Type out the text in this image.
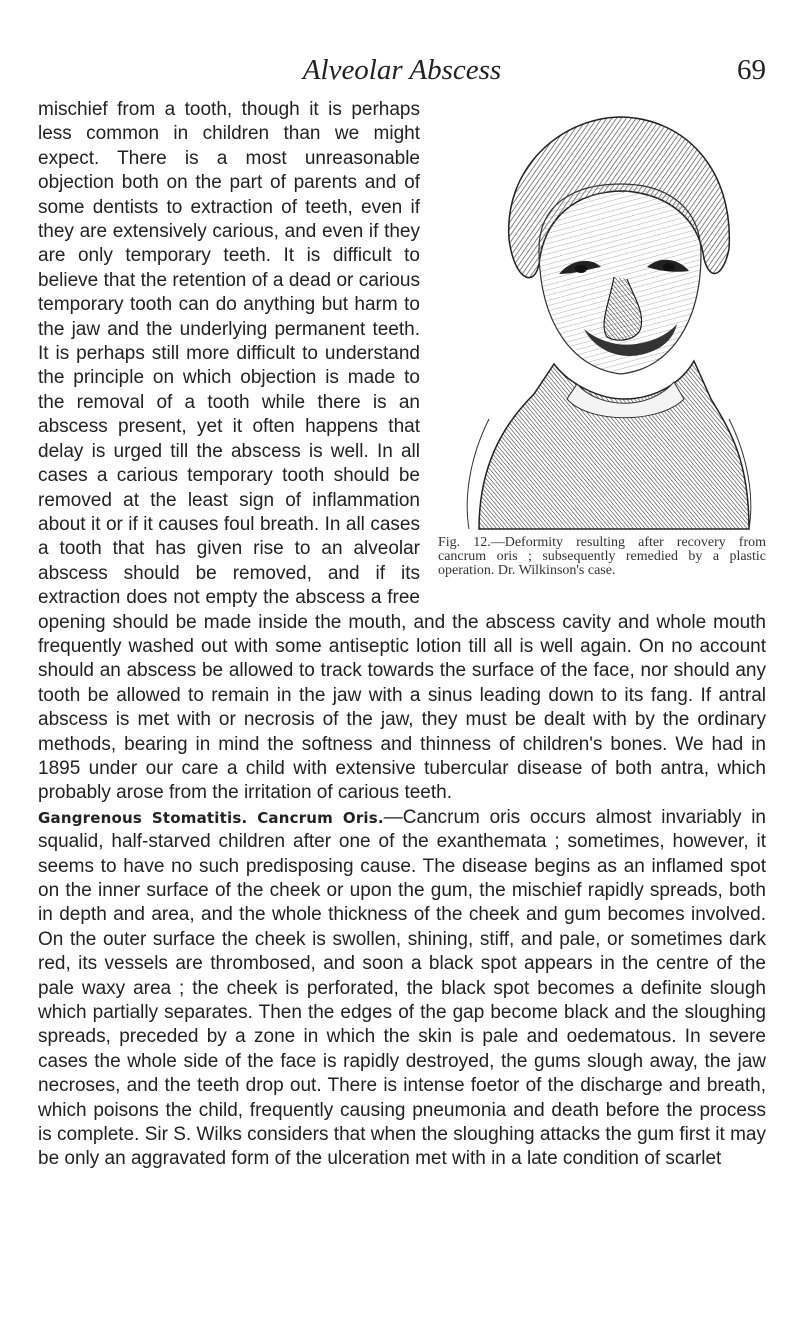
Alveolar Abscess	69
Fig. 12.—Deformity resulting after recovery from cancrum oris ; subsequently remedied by a plastic operation. Dr. Wilkinson's case.

mischief from a tooth, though it is perhaps less common in children than we might expect. There is a most unreasonable objection both on the part of parents and of some dentists to extraction of teeth, even if they are extensively carious, and even if they are only temporary teeth. It is difficult to believe that the retention of a dead or carious temporary tooth can do anything but harm to the jaw and the underlying permanent teeth. It is perhaps still more difficult to understand the principle on which objection is made to the removal of a tooth while there is an abscess present, yet it often happens that delay is urged till the abscess is well. In all cases a carious temporary tooth should be removed at the least sign of inflammation about it or if it causes foul breath. In all cases a tooth that has given rise to an alveolar abscess should be removed, and if its extraction does not empty the abscess a free opening should be made inside the mouth, and the abscess cavity and whole mouth frequently washed out with some antiseptic lotion till all is well again. On no account should an abscess be allowed to track towards the surface of the face, nor should any tooth be allowed to remain in the jaw with a sinus leading down to its fang. If antral abscess is met with or necrosis of the jaw, they must be dealt with by the ordinary methods, bearing in mind the softness and thinness of children's bones. We had in 1895 under our care a child with extensive tubercular disease of both antra, which probably arose from the irritation of carious teeth.

Gangrenous Stomatitis. Cancrum Oris.—Cancrum oris occurs almost invariably in squalid, half-starved children after one of the exanthemata ; sometimes, however, it seems to have no such predisposing cause. The disease begins as an inflamed spot on the inner surface of the cheek or upon the gum, the mischief rapidly spreads, both in depth and area, and the whole thickness of the cheek and gum becomes involved. On the outer surface the cheek is swollen, shining, stiff, and pale, or sometimes dark red, its vessels are thrombosed, and soon a black spot appears in the centre of the pale waxy area ; the cheek is perforated, the black spot becomes a definite slough which partially separates. Then the edges of the gap become black and the sloughing spreads, preceded by a zone in which the skin is pale and oedematous. In severe cases the whole side of the face is rapidly destroyed, the gums slough away, the jaw necroses, and the teeth drop out. There is intense foetor of the discharge and breath, which poisons the child, frequently causing pneumonia and death before the process is complete. Sir S. Wilks considers that when the sloughing attacks the gum first it may be only an aggravated form of the ulceration met with in a late condition of scarlet
